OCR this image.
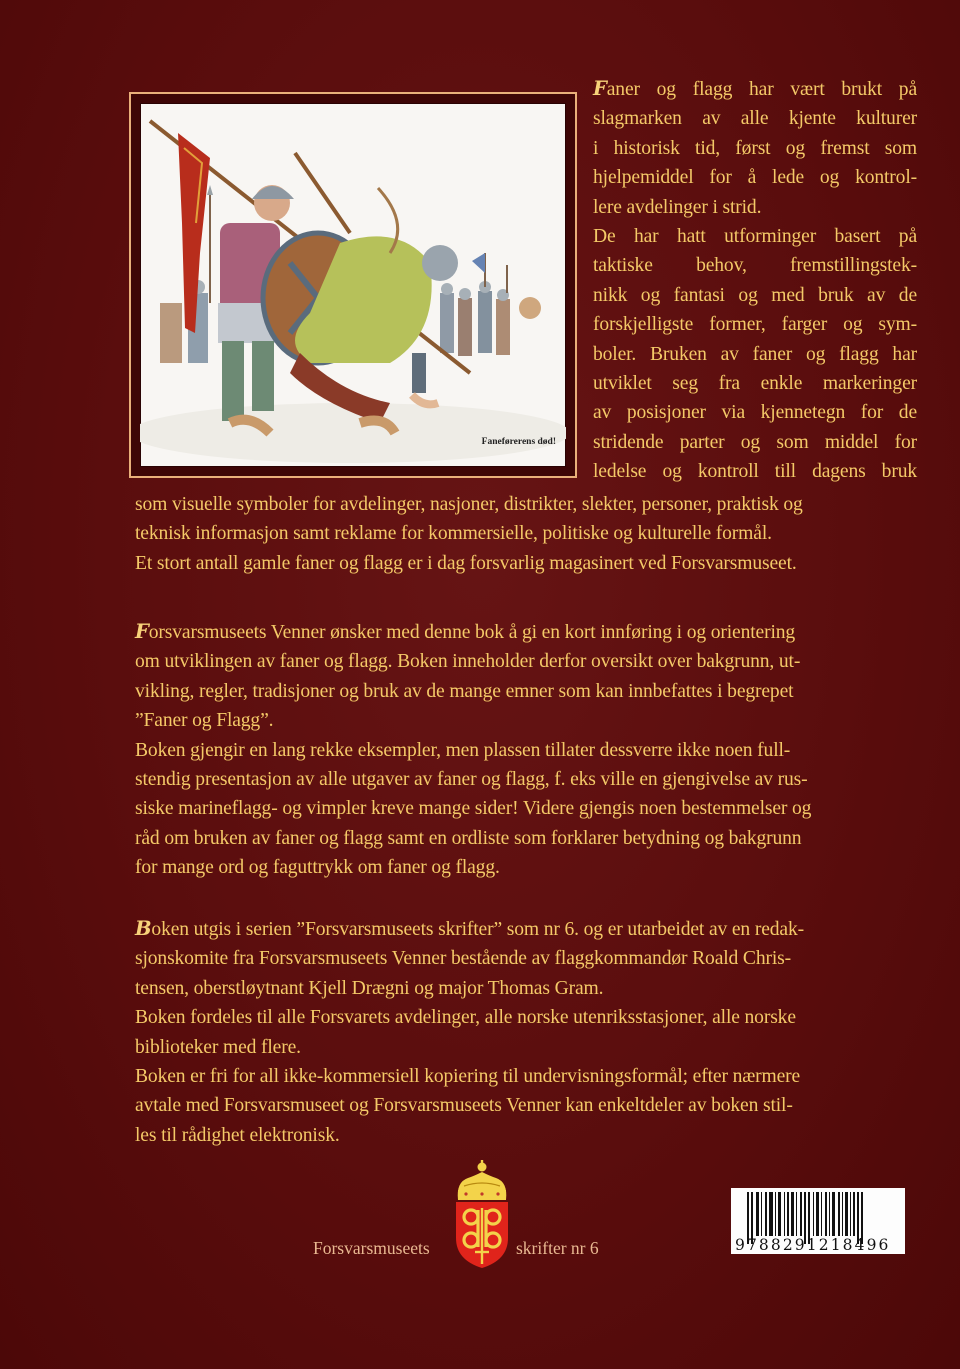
Faneførerens død!
Faner og flagg har vært brukt på
slagmarken av alle kjente kulturer
i historisk tid, først og fremst som
hjelpemiddel for å lede og kontrol-
lere avdelinger i strid.
De har hatt utforminger basert på
taktiske behov, fremstillingstek-
nikk og fantasi og med bruk av de
forskjelligste former, farger og sym-
boler. Bruken av faner og flagg har
utviklet seg fra enkle markeringer
av posisjoner via kjennetegn for de
stridende parter og som middel for
ledelse og kontroll till dagens bruk
som visuelle symboler for avdelinger, nasjoner, distrikter, slekter, personer, praktisk og
teknisk informasjon samt reklame for kommersielle, politiske og kulturelle formål.
Et stort antall gamle faner og flagg er i dag forsvarlig magasinert ved Forsvarsmuseet.
Forsvarsmuseets Venner ønsker med denne bok å gi en kort innføring i og orientering
om utviklingen av faner og flagg. Boken inneholder derfor oversikt over bakgrunn, ut-
vikling, regler, tradisjoner og bruk av de mange emner som kan innbefattes i begrepet
”Faner og Flagg”.
Boken gjengir en lang rekke eksempler, men plassen tillater dessverre ikke noen full-
stendig presentasjon av alle utgaver av faner og flagg, f. eks ville en gjengivelse av rus-
siske marineflagg- og vimpler kreve mange sider! Videre gjengis noen bestemmelser og
råd om bruken av faner og flagg samt en ordliste som forklarer betydning og bakgrunn
for mange ord og faguttrykk om faner og flagg.
Boken utgis i serien ”Forsvarsmuseets skrifter” som nr 6. og er utarbeidet av en redak-
sjonskomite fra Forsvarsmuseets Venner bestående av flaggkommandør Roald Chris-
tensen, oberstløytnant Kjell Drægni og major Thomas Gram.
Boken fordeles til alle Forsvarets avdelinger, alle norske utenriksstasjoner, alle norske
biblioteker med flere.
Boken er fri for all ikke-kommersiell kopiering til undervisningsformål; efter nærmere
avtale med Forsvarsmuseet og Forsvarsmuseets Venner kan enkeltdeler av boken stil-
les til rådighet elektronisk.
Forsvarsmuseets	skrifter nr 6	9788291218496
